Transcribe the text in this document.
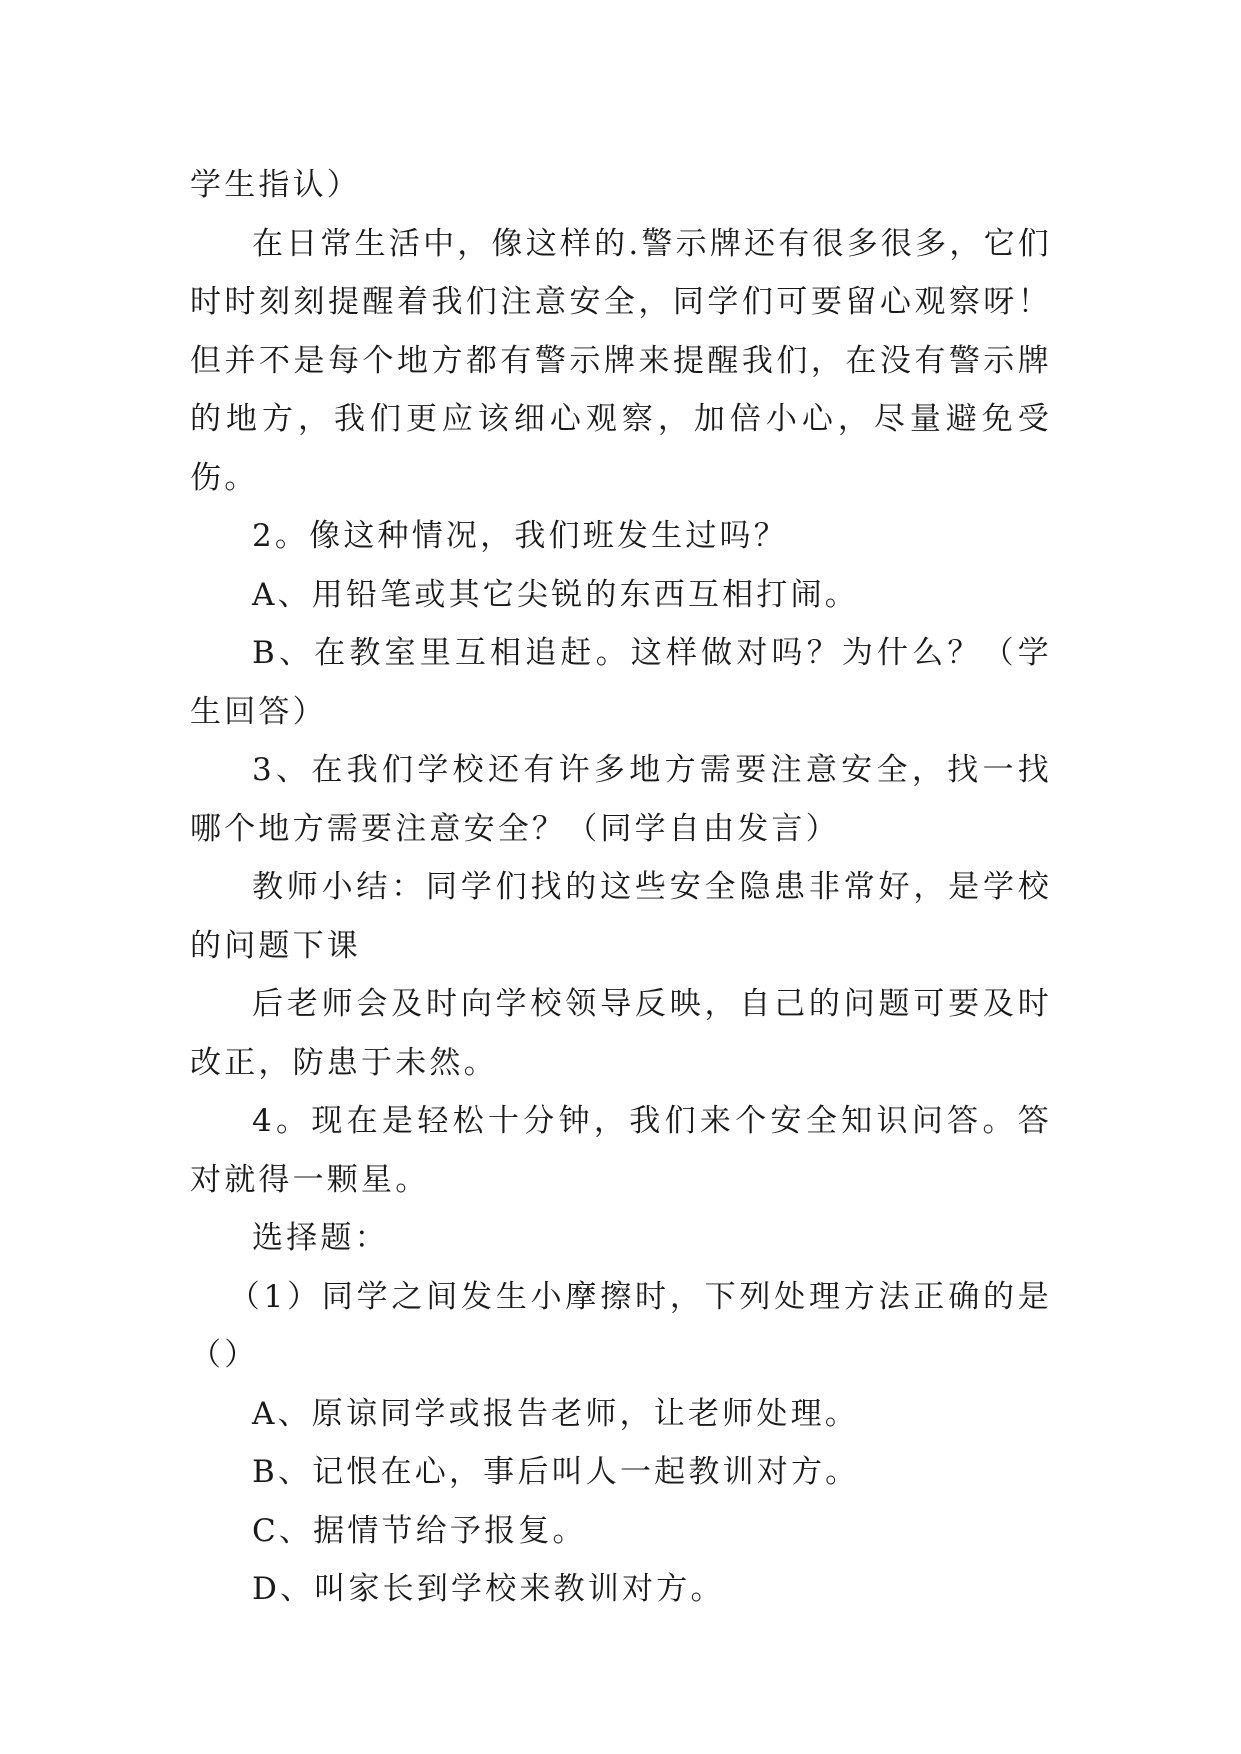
学生指认）

在日常生活中，像这样的.警示牌还有很多很多，它们时时刻刻提醒着我们注意安全，同学们可要留心观察呀！但并不是每个地方都有警示牌来提醒我们，在没有警示牌的地方，我们更应该细心观察，加倍小心，尽量避免受伤。

2。像这种情况，我们班发生过吗？

A、用铅笔或其它尖锐的东西互相打闹。

B、在教室里互相追赶。这样做对吗？为什么？（学生回答）

3、在我们学校还有许多地方需要注意安全，找一找哪个地方需要注意安全？（同学自由发言）

教师小结：同学们找的这些安全隐患非常好，是学校的问题下课

后老师会及时向学校领导反映，自己的问题可要及时改正，防患于未然。

4。现在是轻松十分钟，我们来个安全知识问答。答对就得一颗星。

选择题：

（1）同学之间发生小摩擦时，下列处理方法正确的是（）

A、原谅同学或报告老师，让老师处理。

B、记恨在心，事后叫人一起教训对方。

C、据情节给予报复。

D、叫家长到学校来教训对方。
